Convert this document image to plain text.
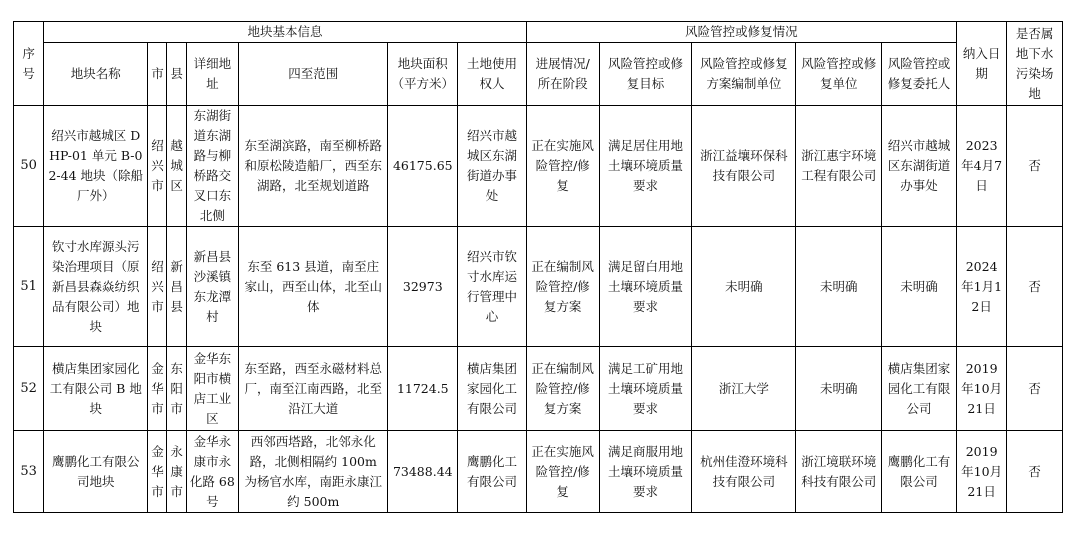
序号	地块基本信息							风险管控或修复情况					纳入日期	是否属地下水污染场地
	地块名称	市	县	详细地址	四至范围	地块面积（平方米）	土地使用权人	进展情况/所在阶段	风险管控或修复目标	风险管控或修复方案编制单位	风险管控或修复单位	风险管控或修复委托人		
50	绍兴市越城区 DHP-01 单元 B-02-44 地块（除船厂外）	绍兴市	越城区	东湖街道东湖路与柳桥路交叉口东北侧	东至湖滨路，南至柳桥路和原松陵造船厂，西至东湖路，北至规划道路	46175.65	绍兴市越城区东湖街道办事处	正在实施风险管控/修复	满足居住用地土壤环境质量要求	浙江益壤环保科技有限公司	浙江惠宇环境工程有限公司	绍兴市越城区东湖街道办事处	2023年4月7日	否
51	钦寸水库源头污染治理项目（原新昌县森焱纺织品有限公司）地块	绍兴市	新昌县	新昌县沙溪镇东龙潭村	东至 613 县道，南至庄家山，西至山体，北至山体	32973	绍兴市钦寸水库运行管理中心	正在编制风险管控/修复方案	满足留白用地土壤环境质量要求	未明确	未明确	未明确	2024年1月12日	否
52	横店集团家园化工有限公司 B 地块	金华市	东阳市	金华东阳市横店工业区	东至路，西至永磁材料总厂，南至江南西路，北至沿江大道	11724.5	横店集团家园化工有限公司	正在编制风险管控/修复方案	满足工矿用地土壤环境质量要求	浙江大学	未明确	横店集团家园化工有限公司	2019年10月21日	否
53	鹰鹏化工有限公司地块	金华市	永康市	金华永康市永化路 68 号	西邻西塔路，北邻永化路，北侧相隔约 100m 为杨官水库，南距永康江约 500m	73488.44	鹰鹏化工有限公司	正在实施风险管控/修复	满足商服用地土壤环境质量要求	杭州佳澄环境科技有限公司	浙江境联环境科技有限公司	鹰鹏化工有限公司	2019年10月21日	否
